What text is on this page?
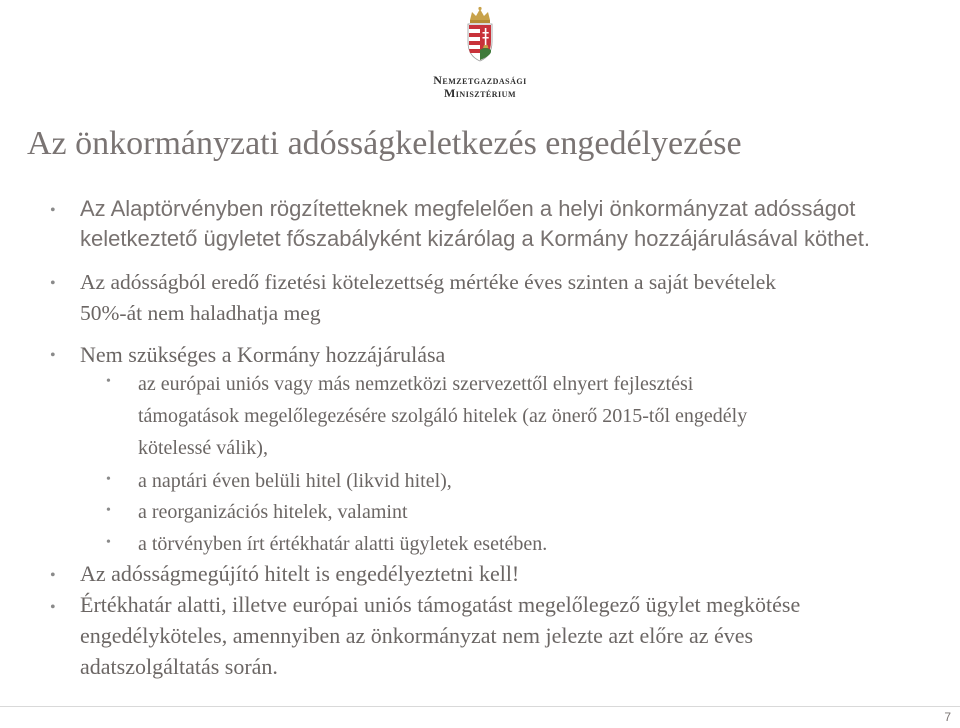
Nemzetgazdasági
Minisztérium
Az önkormányzati adósságkeletkezés engedélyezése
• Az Alaptörvényben rögzítetteknek megfelelően a helyi önkormányzat adósságot
keletkeztető ügyletet főszabályként kizárólag a Kormány hozzájárulásával köthet.
• Az adósságból eredő fizetési kötelezettség mértéke éves szinten a saját bevételek
50%-át nem haladhatja meg
• Nem szükséges a Kormány hozzájárulása
• az európai uniós vagy más nemzetközi szervezettől elnyert fejlesztési
támogatások megelőlegezésére szolgáló hitelek (az önerő 2015-től engedély
kötelessé válik),
• a naptári éven belüli hitel (likvid hitel),
• a reorganizációs hitelek, valamint
• a törvényben írt értékhatár alatti ügyletek esetében.
• Az adósságmegújító hitelt is engedélyeztetni kell!
• Értékhatár alatti, illetve európai uniós támogatást megelőlegező ügylet megkötése
engedélyköteles, amennyiben az önkormányzat nem jelezte azt előre az éves
adatszolgáltatás során.
7
